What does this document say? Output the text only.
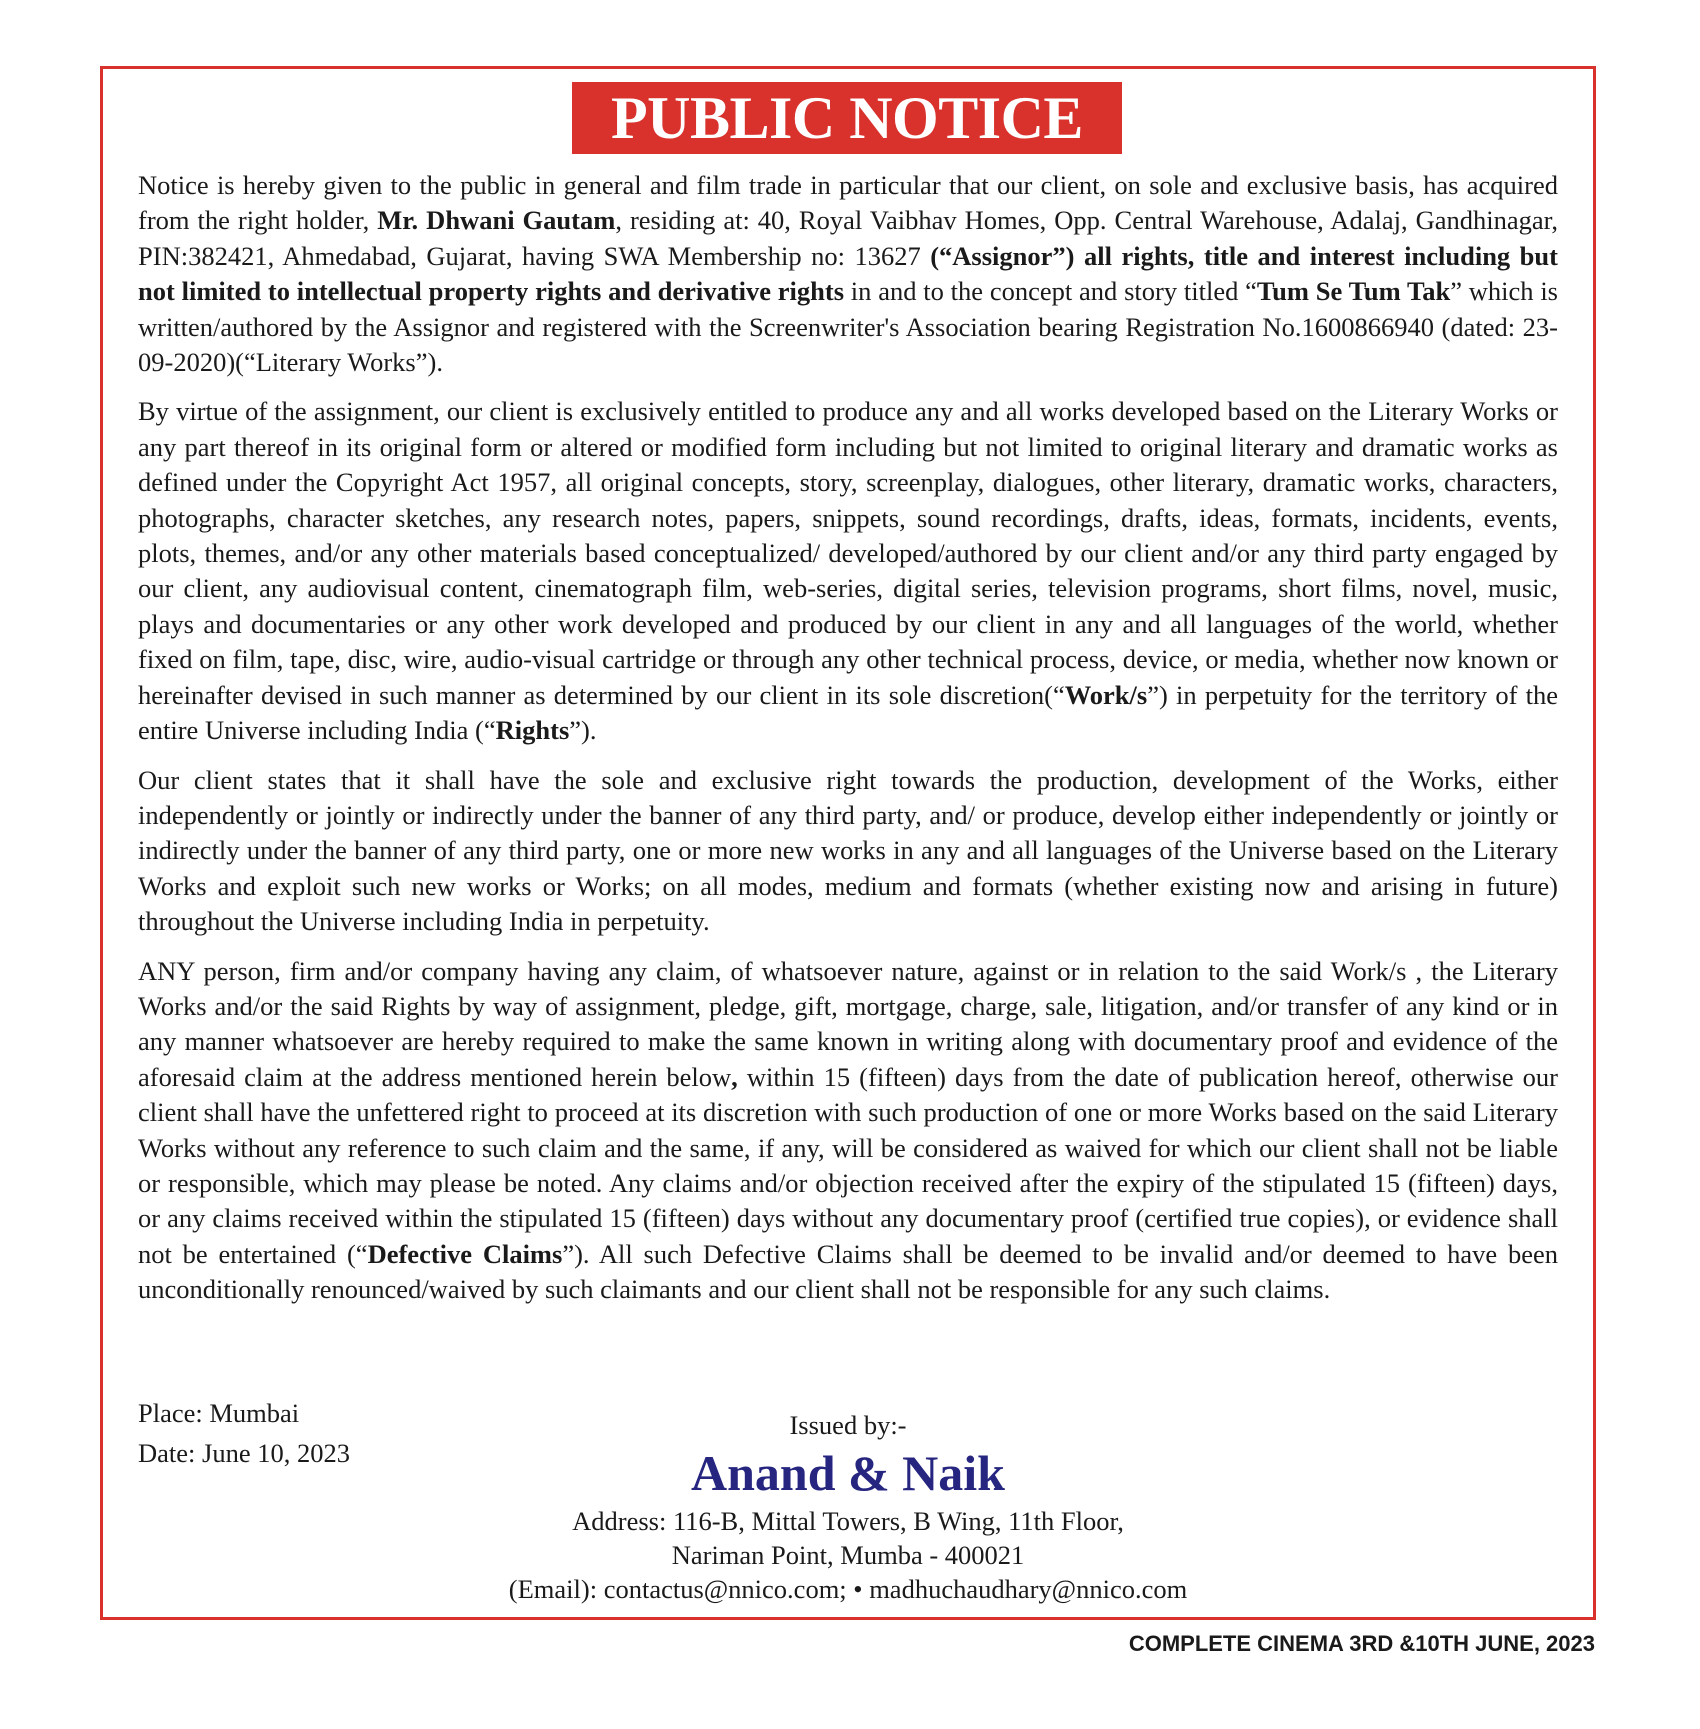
PUBLIC NOTICE

Notice is hereby given to the public in general and film trade in particular that our client, on sole and exclusive basis, has acquired from the right holder, Mr. Dhwani Gautam, residing at: 40, Royal Vaibhav Homes, Opp. Central Warehouse, Adalaj, Gandhinagar, PIN:382421, Ahmedabad, Gujarat, having SWA Membership no: 13627 (“Assignor”) all rights, title and interest including but not limited to intellectual property rights and derivative rights in and to the concept and story titled “Tum Se Tum Tak” which is written/authored by the Assignor and registered with the Screenwriter's Association bearing Registration No.1600866940 (dated: 23-09-2020)(“Literary Works”).

By virtue of the assignment, our client is exclusively entitled to produce any and all works developed based on the Literary Works or any part thereof in its original form or altered or modified form including but not limited to original literary and dramatic works as defined under the Copyright Act 1957, all original concepts, story, screenplay, dialogues, other literary, dramatic works, characters, photographs, character sketches, any research notes, papers, snippets, sound recordings, drafts, ideas, formats, incidents, events, plots, themes, and/or any other materials based conceptualized/ developed/authored by our client and/or any third party engaged by our client, any audiovisual content, cinematograph film, web-series, digital series, television programs, short films, novel, music, plays and documentaries or any other work developed and produced by our client in any and all languages of the world, whether fixed on film, tape, disc, wire, audio-visual cartridge or through any other technical process, device, or media, whether now known or hereinafter devised in such manner as determined by our client in its sole discretion(“Work/s”) in perpetuity for the territory of the entire Universe including India (“Rights”).

Our client states that it shall have the sole and exclusive right towards the production, development of the Works, either independently or jointly or indirectly under the banner of any third party, and/ or produce, develop either independently or jointly or indirectly under the banner of any third party, one or more new works in any and all languages of the Universe based on the Literary Works and exploit such new works or Works; on all modes, medium and formats (whether existing now and arising in future) throughout the Universe including India in perpetuity.

ANY person, firm and/or company having any claim, of whatsoever nature, against or in relation to the said Work/s , the Literary Works and/or the said Rights by way of assignment, pledge, gift, mortgage, charge, sale, litigation, and/or transfer of any kind or in any manner whatsoever are hereby required to make the same known in writing along with documentary proof and evidence of the aforesaid claim at the address mentioned herein below, within 15 (fifteen) days from the date of publication hereof, otherwise our client shall have the unfettered right to proceed at its discretion with such production of one or more Works based on the said Literary Works without any reference to such claim and the same, if any, will be considered as waived for which our client shall not be liable or responsible, which may please be noted. Any claims and/or objection received after the expiry of the stipulated 15 (fifteen) days, or any claims received within the stipulated 15 (fifteen) days without any documentary proof (certified true copies), or evidence shall not be entertained (“Defective Claims”). All such Defective Claims shall be deemed to be invalid and/or deemed to have been unconditionally renounced/waived by such claimants and our client shall not be responsible for any such claims.

Place: Mumbai
Date: June 10, 2023
Issued by:-
Anand & Naik
Address: 116-B, Mittal Towers, B Wing, 11th Floor,
Nariman Point, Mumba - 400021
(Email): contactus@nnico.com; • madhuchaudhary@nnico.com
COMPLETE CINEMA 3RD &10TH JUNE, 2023
